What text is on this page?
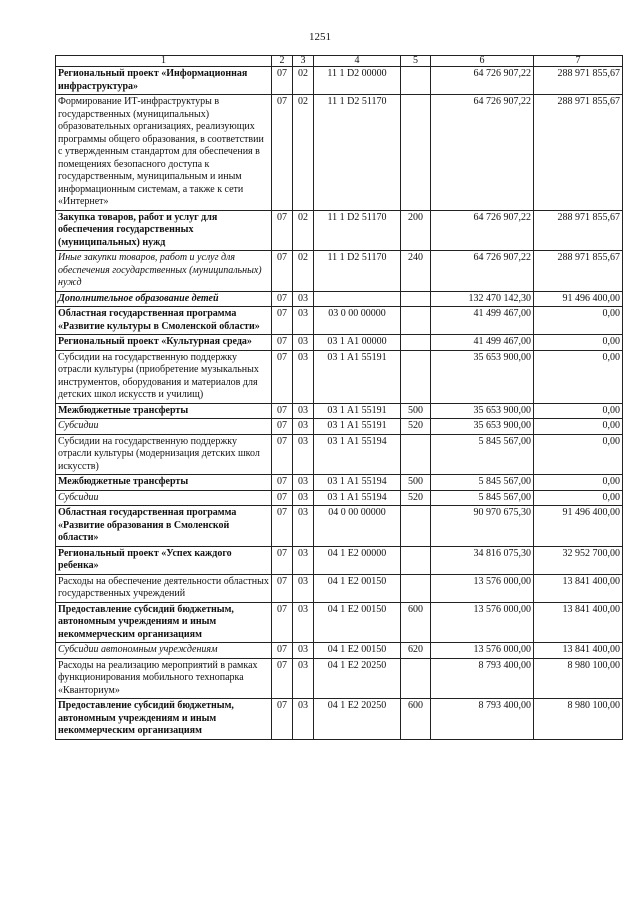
1251
1	2	3	4	5	6	7
Региональный проект «Информационная инфраструктура»	07	02	11 1 D2 00000		64 726 907,22	288 971 855,67
Формирование ИТ-инфраструктуры в государственных (муниципальных) образовательных организациях, реализующих программы общего образования, в соответствии с утвержденным стандартом для обеспечения в помещениях безопасного доступа к государственным, муниципальным и иным информационным системам, а также к сети «Интернет»	07	02	11 1 D2 51170		64 726 907,22	288 971 855,67
Закупка товаров, работ и услуг для обеспечения государственных (муниципальных) нужд	07	02	11 1 D2 51170	200	64 726 907,22	288 971 855,67
Иные закупки товаров, работ и услуг для обеспечения государственных (муниципальных) нужд	07	02	11 1 D2 51170	240	64 726 907,22	288 971 855,67
Дополнительное образование детей	07	03			132 470 142,30	91 496 400,00
Областная государственная программа «Развитие культуры в Смоленской области»	07	03	03 0 00 00000		41 499 467,00	0,00
Региональный проект «Культурная среда»	07	03	03 1 A1 00000		41 499 467,00	0,00
Субсидии на государственную поддержку отрасли культуры (приобретение музыкальных инструментов, оборудования и материалов для детских школ искусств и училищ)	07	03	03 1 A1 55191		35 653 900,00	0,00
Межбюджетные трансферты	07	03	03 1 A1 55191	500	35 653 900,00	0,00
Субсидии	07	03	03 1 A1 55191	520	35 653 900,00	0,00
Субсидии на государственную поддержку отрасли культуры (модернизация детских школ искусств)	07	03	03 1 A1 55194		5 845 567,00	0,00
Межбюджетные трансферты	07	03	03 1 A1 55194	500	5 845 567,00	0,00
Субсидии	07	03	03 1 A1 55194	520	5 845 567,00	0,00
Областная государственная программа «Развитие образования в Смоленской области»	07	03	04 0 00 00000		90 970 675,30	91 496 400,00
Региональный проект «Успех каждого ребенка»	07	03	04 1 E2 00000		34 816 075,30	32 952 700,00
Расходы на обеспечение деятельности областных государственных учреждений	07	03	04 1 E2 00150		13 576 000,00	13 841 400,00
Предоставление субсидий бюджетным, автономным учреждениям и иным некоммерческим организациям	07	03	04 1 E2 00150	600	13 576 000,00	13 841 400,00
Субсидии автономным учреждениям	07	03	04 1 E2 00150	620	13 576 000,00	13 841 400,00
Расходы на реализацию мероприятий в рамках функционирования мобильного технопарка «Кванториум»	07	03	04 1 E2 20250		8 793 400,00	8 980 100,00
Предоставление субсидий бюджетным, автономным учреждениям и иным некоммерческим организациям	07	03	04 1 E2 20250	600	8 793 400,00	8 980 100,00
